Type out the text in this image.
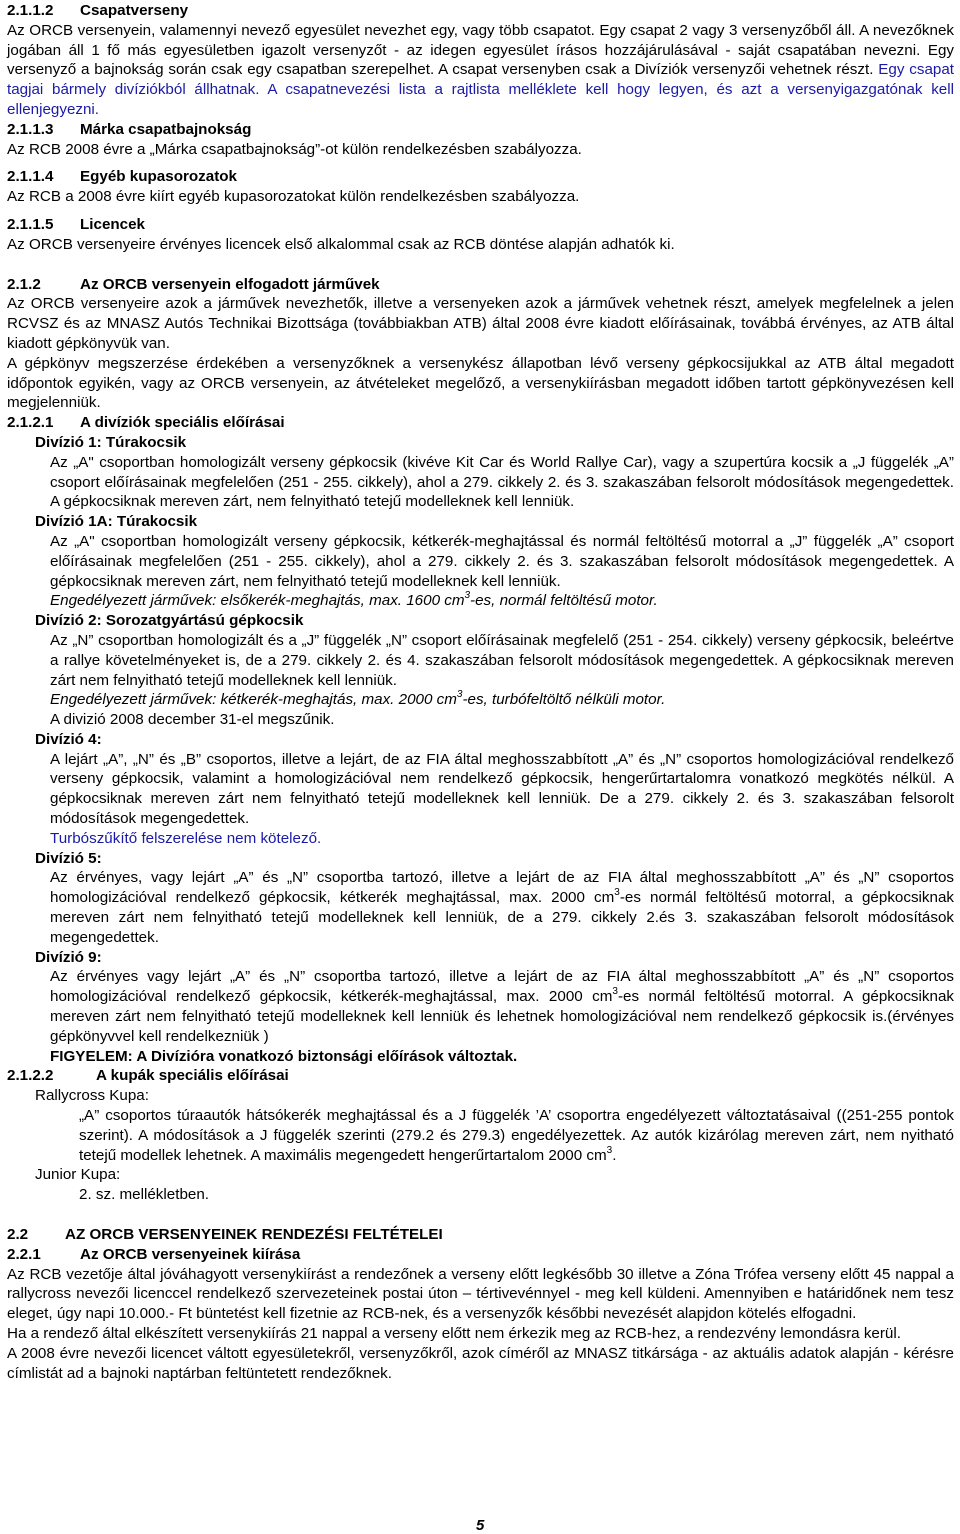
2.1.1.2	Csapatverseny

Az ORCB versenyein, valamennyi nevező egyesület nevezhet egy, vagy több csapatot. Egy csapat 2 vagy 3 versenyzőből áll. A nevezőknek jogában áll 1 fő más egyesületben igazolt versenyzőt - az idegen egyesület írásos hozzájárulásával - saját csapatában nevezni. Egy versenyző a bajnokság során csak egy csapatban szerepelhet. A csapat versenyben csak a Divíziók versenyzői vehetnek részt. Egy csapat tagjai bármely divíziókból állhatnak. A csapatnevezési lista a rajtlista melléklete kell hogy legyen, és azt a versenyigazgatónak kell ellenjegyezni.

2.1.1.3	Márka csapatbajnokság

Az RCB 2008 évre a „Márka csapatbajnokság”-ot külön rendelkezésben szabályozza.

2.1.1.4	Egyéb kupasorozatok

Az RCB a 2008 évre kiírt egyéb kupasorozatokat külön rendelkezésben szabályozza.

2.1.1.5	Licencek

Az ORCB versenyeire érvényes licencek első alkalommal csak az RCB döntése alapján adhatók ki.

2.1.2	Az ORCB versenyein elfogadott járművek

Az ORCB versenyeire azok a járművek nevezhetők, illetve a versenyeken azok a járművek vehetnek részt, amelyek megfelelnek a jelen RCVSZ és az MNASZ Autós Technikai Bizottsága (továbbiakban ATB) által 2008 évre kiadott előírásainak, továbbá érvényes, az ATB által kiadott gépkönyvük van.

A gépkönyv megszerzése érdekében a versenyzőknek a versenykész állapotban lévő verseny gépkocsijukkal az ATB által megadott időpontok egyikén, vagy az ORCB versenyein, az átvételeket megelőző, a versenykiírásban megadott időben tartott gépkönyvezésen kell megjelenniük.

2.1.2.1	A divíziók speciális előírásai

Divízió 1: Túrakocsik

Az „A" csoportban homologizált verseny gépkocsik (kivéve Kit Car és World Rallye Car), vagy a szupertúra kocsik a „J függelék „A” csoport előírásainak megfelelően (251 - 255. cikkely), ahol a 279. cikkely 2. és 3. szakaszában felsorolt módosítások megengedettek. A gépkocsiknak mereven zárt, nem felnyitható tetejű modelleknek kell lenniük.

Divízió 1A: Túrakocsik

Az „A" csoportban homologizált verseny gépkocsik, kétkerék-meghajtással és normál feltöltésű motorral a „J” függelék „A” csoport előírásainak megfelelően (251 - 255. cikkely), ahol a 279. cikkely 2. és 3. szakaszában felsorolt módosítások megengedettek. A gépkocsiknak mereven zárt, nem felnyitható tetejű modelleknek kell lenniük.

Engedélyezett járművek: elsőkerék-meghajtás, max. 1600 $cm^3-es$, normál feltöltésű motor.

Divízió 2: Sorozatgyártású gépkocsik

Az „N” csoportban homologizált és a „J” függelék „N” csoport előírásainak megfelelő (251 - 254. cikkely) verseny gépkocsik, beleértve a rallye követelményeket is, de a 279. cikkely 2. és 4. szakaszában felsorolt módosítások megengedettek. A gépkocsiknak mereven zárt nem felnyitható tetejű modelleknek kell lenniük.

Engedélyezett járművek: kétkerék-meghajtás, max. 2000 $cm^3-es$, turbófeltöltő nélküli motor.

A divizió 2008 december 31-el megszűnik.

Divízió 4:

A lejárt „A”, „N” és „B” csoportos, illetve a lejárt, de az FIA által meghosszabbított „A” és „N” csoportos homologizációval rendelkező verseny gépkocsik, valamint a homologizációval nem rendelkező gépkocsik, hengerűrtartalomra vonatkozó megkötés nélkül. A gépkocsiknak mereven zárt nem felnyitható tetejű modelleknek kell lenniük. De a 279. cikkely 2. és 3. szakaszában felsorolt módosítások megengedettek.

Turbószűkítő felszerelése nem kötelező.

Divízió 5:

Az érvényes, vagy lejárt „A” és „N” csoportba tartozó, illetve a lejárt de az FIA által meghosszabbított „A” és „N” csoportos homologizációval rendelkező gépkocsik, kétkerék meghajtással, max. 2000 $cm^3-es$ normál feltöltésű motorral, a gépkocsiknak mereven zárt nem felnyitható tetejű modelleknek kell lenniük, de a 279. cikkely 2.és 3. szakaszában felsorolt módosítások megengedettek.

Divízió 9:

Az érvényes vagy lejárt „A” és „N” csoportba tartozó, illetve a lejárt de az FIA által meghosszabbított „A” és „N” csoportos homologizációval rendelkező gépkocsik, kétkerék-meghajtással, max. 2000 $cm^3-es$ normál feltöltésű motorral. A gépkocsiknak mereven zárt nem felnyitható tetejű modelleknek kell lenniük és lehetnek homologizációval nem rendelkező gépkocsik is.(érvényes gépkönyvvel kell rendelkezniük )

FIGYELEM: A Divízióra vonatkozó biztonsági előírások változtak.

2.1.2.2	A kupák speciális előírásai

Rallycross Kupa:

„A” csoportos túraautók hátsókerék meghajtással és a J függelék ’A’ csoportra engedélyezett változtatásaival ((251-255 pontok szerint). A módosítások a J függelék szerinti (279.2 és 279.3) engedélyezettek. Az autók kizárólag mereven zárt, nem nyitható tetejű modellek lehetnek. A maximális megengedett hengerűrtartalom 2000 $cm^3$.

Junior Kupa:

2. sz. mellékletben.

2.2	AZ ORCB VERSENYEINEK RENDEZÉSI FELTÉTELEI

2.2.1	Az ORCB versenyeinek kiírása

Az RCB vezetője által jóváhagyott versenykiírást a rendezőnek a verseny előtt legkésőbb 30 illetve a Zóna Trófea verseny előtt 45 nappal a rallycross nevezői licenccel rendelkező szervezeteinek postai úton – tértivevénnyel - meg kell küldeni. Amennyiben e határidőnek nem tesz eleget, úgy napi 10.000.- Ft büntetést kell fizetnie az RCB-nek, és a versenyzők későbbi nevezését alapjdon kötelés elfogadni.

Ha a rendező által elkészített versenykiírás 21 nappal a verseny előtt nem érkezik meg az RCB-hez, a rendezvény lemondásra kerül.

A 2008 évre nevezői licencet váltott egyesületekről, versenyzőkről, azok címéről az MNASZ titkársága - az aktuális adatok alapján - kérésre címlistát ad a bajnoki naptárban feltüntetett rendezőknek.

5
